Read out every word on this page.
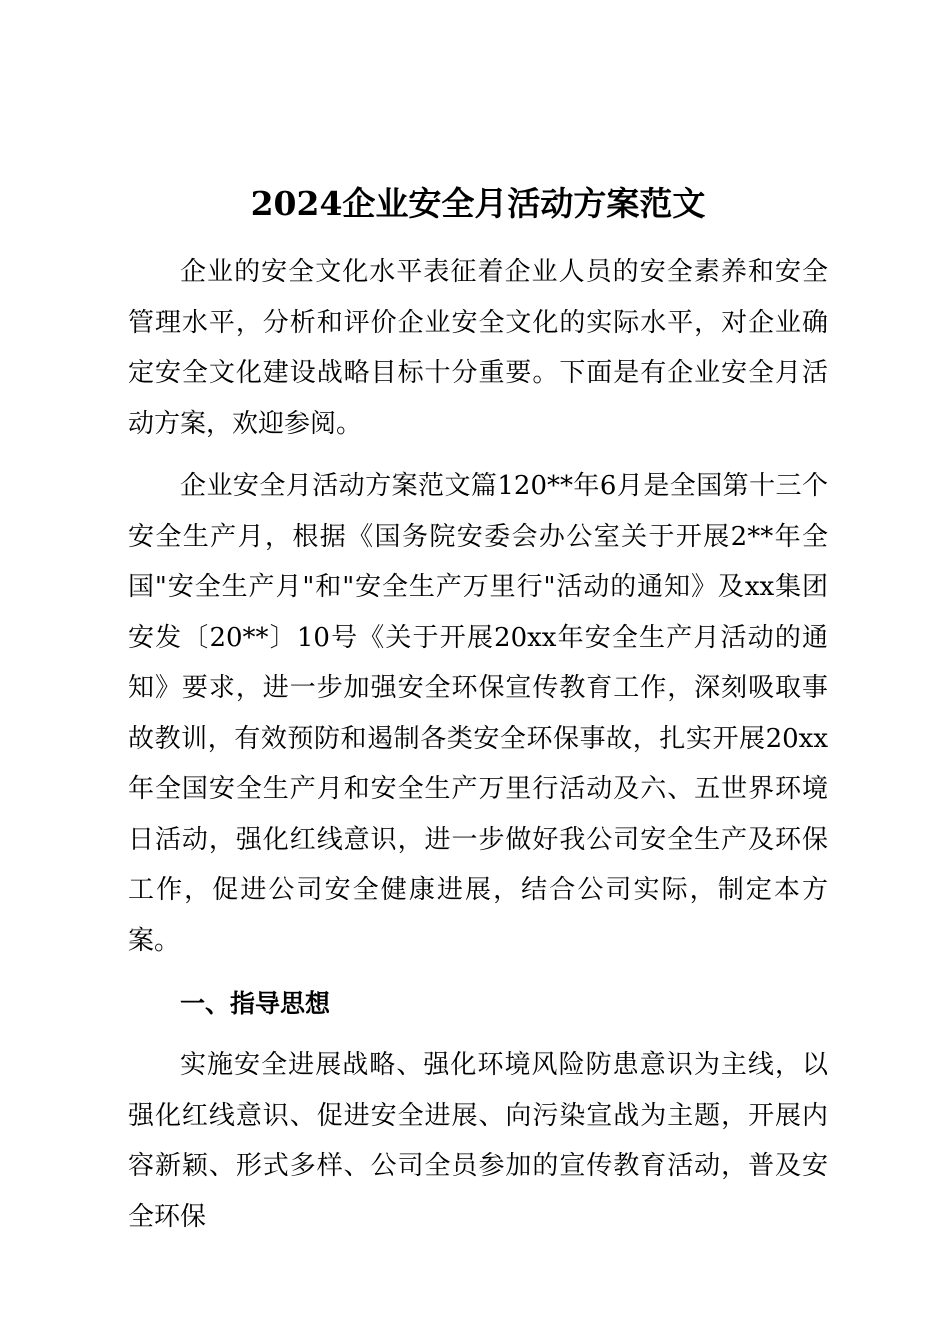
2024企业安全月活动方案范文

企业的安全文化水平表征着企业人员的安全素养和安全管理水平，分析和评价企业安全文化的实际水平，对企业确定安全文化建设战略目标十分重要。下面是有企业安全月活动方案，欢迎参阅。

企业安全月活动方案范文篇120**年6月是全国第十三个安全生产月，根据《国务院安委会办公室关于开展2**年全国"安全生产月"和"安全生产万里行"活动的通知》及xx集团安发〔20**〕10号《关于开展20xx年安全生产月活动的通知》要求，进一步加强安全环保宣传教育工作，深刻吸取事故教训，有效预防和遏制各类安全环保事故，扎实开展20xx年全国安全生产月和安全生产万里行活动及六、五世界环境日活动，强化红线意识，进一步做好我公司安全生产及环保工作，促进公司安全健康进展，结合公司实际，制定本方案。

一、指导思想

实施安全进展战略、强化环境风险防患意识为主线，以强化红线意识、促进安全进展、向污染宣战为主题，开展内容新颖、形式多样、公司全员参加的宣传教育活动，普及安全环保
